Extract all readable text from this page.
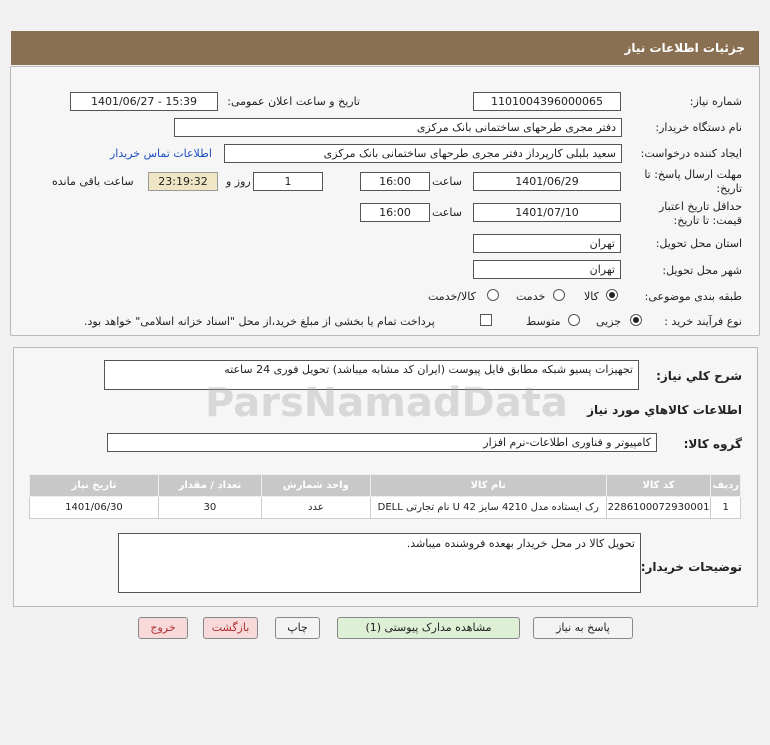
جزئیات اطلاعات نیاز
شماره نیاز:
1101004396000065
تاریخ و ساعت اعلان عمومی:
1401/06/27 - 15:39
نام دستگاه خریدار:
دفتر مجری طرحهای ساختمانی بانک مرکزی
ایجاد کننده درخواست:
سعید بلبلی کارپرداز دفتر مجری طرحهای ساختمانی بانک مرکزی
اطلاعات تماس خریدار
مهلت ارسال پاسخ: تا
تاریخ:
1401/06/29
ساعت
16:00
1
روز و
23:19:32
ساعت باقی مانده
حداقل تاریخ اعتبار
قیمت: تا تاریخ:
1401/07/10
ساعت
16:00
استان محل تحویل:
تهران
شهر محل تحویل:
تهران
طبقه بندی موضوعی:
کالا
خدمت
کالا/خدمت
نوع فرآیند خرید :
جزیی
متوسط
پرداخت تمام یا بخشی از مبلغ خرید،از محل "اسناد خزانه اسلامی" خواهد بود.
شرح کلي نياز:
تجهیزات پسیو شبکه مطابق فایل پیوست (ایران کد مشابه میباشد) تحویل فوری 24 ساعته
اطلاعات کالاهاي مورد نياز
گروه کالا:
کامپیوتر و فناوری اطلاعات-نرم افزار
ردیف	کد کالا	نام کالا	واحد شمارش	تعداد / مقدار	تاریخ نیاز
1	2286100072930001	رک ایستاده مدل 4210 سایز 42 U نام تجارتی DELL	عدد	30	1401/06/30
توضیحات خریدار:
تحویل کالا در محل خریدار بهعده فروشنده میباشد.
پاسخ به نیاز
مشاهده مدارک پیوستی (1)
چاپ
بازگشت
خروج
ParsNamadData
